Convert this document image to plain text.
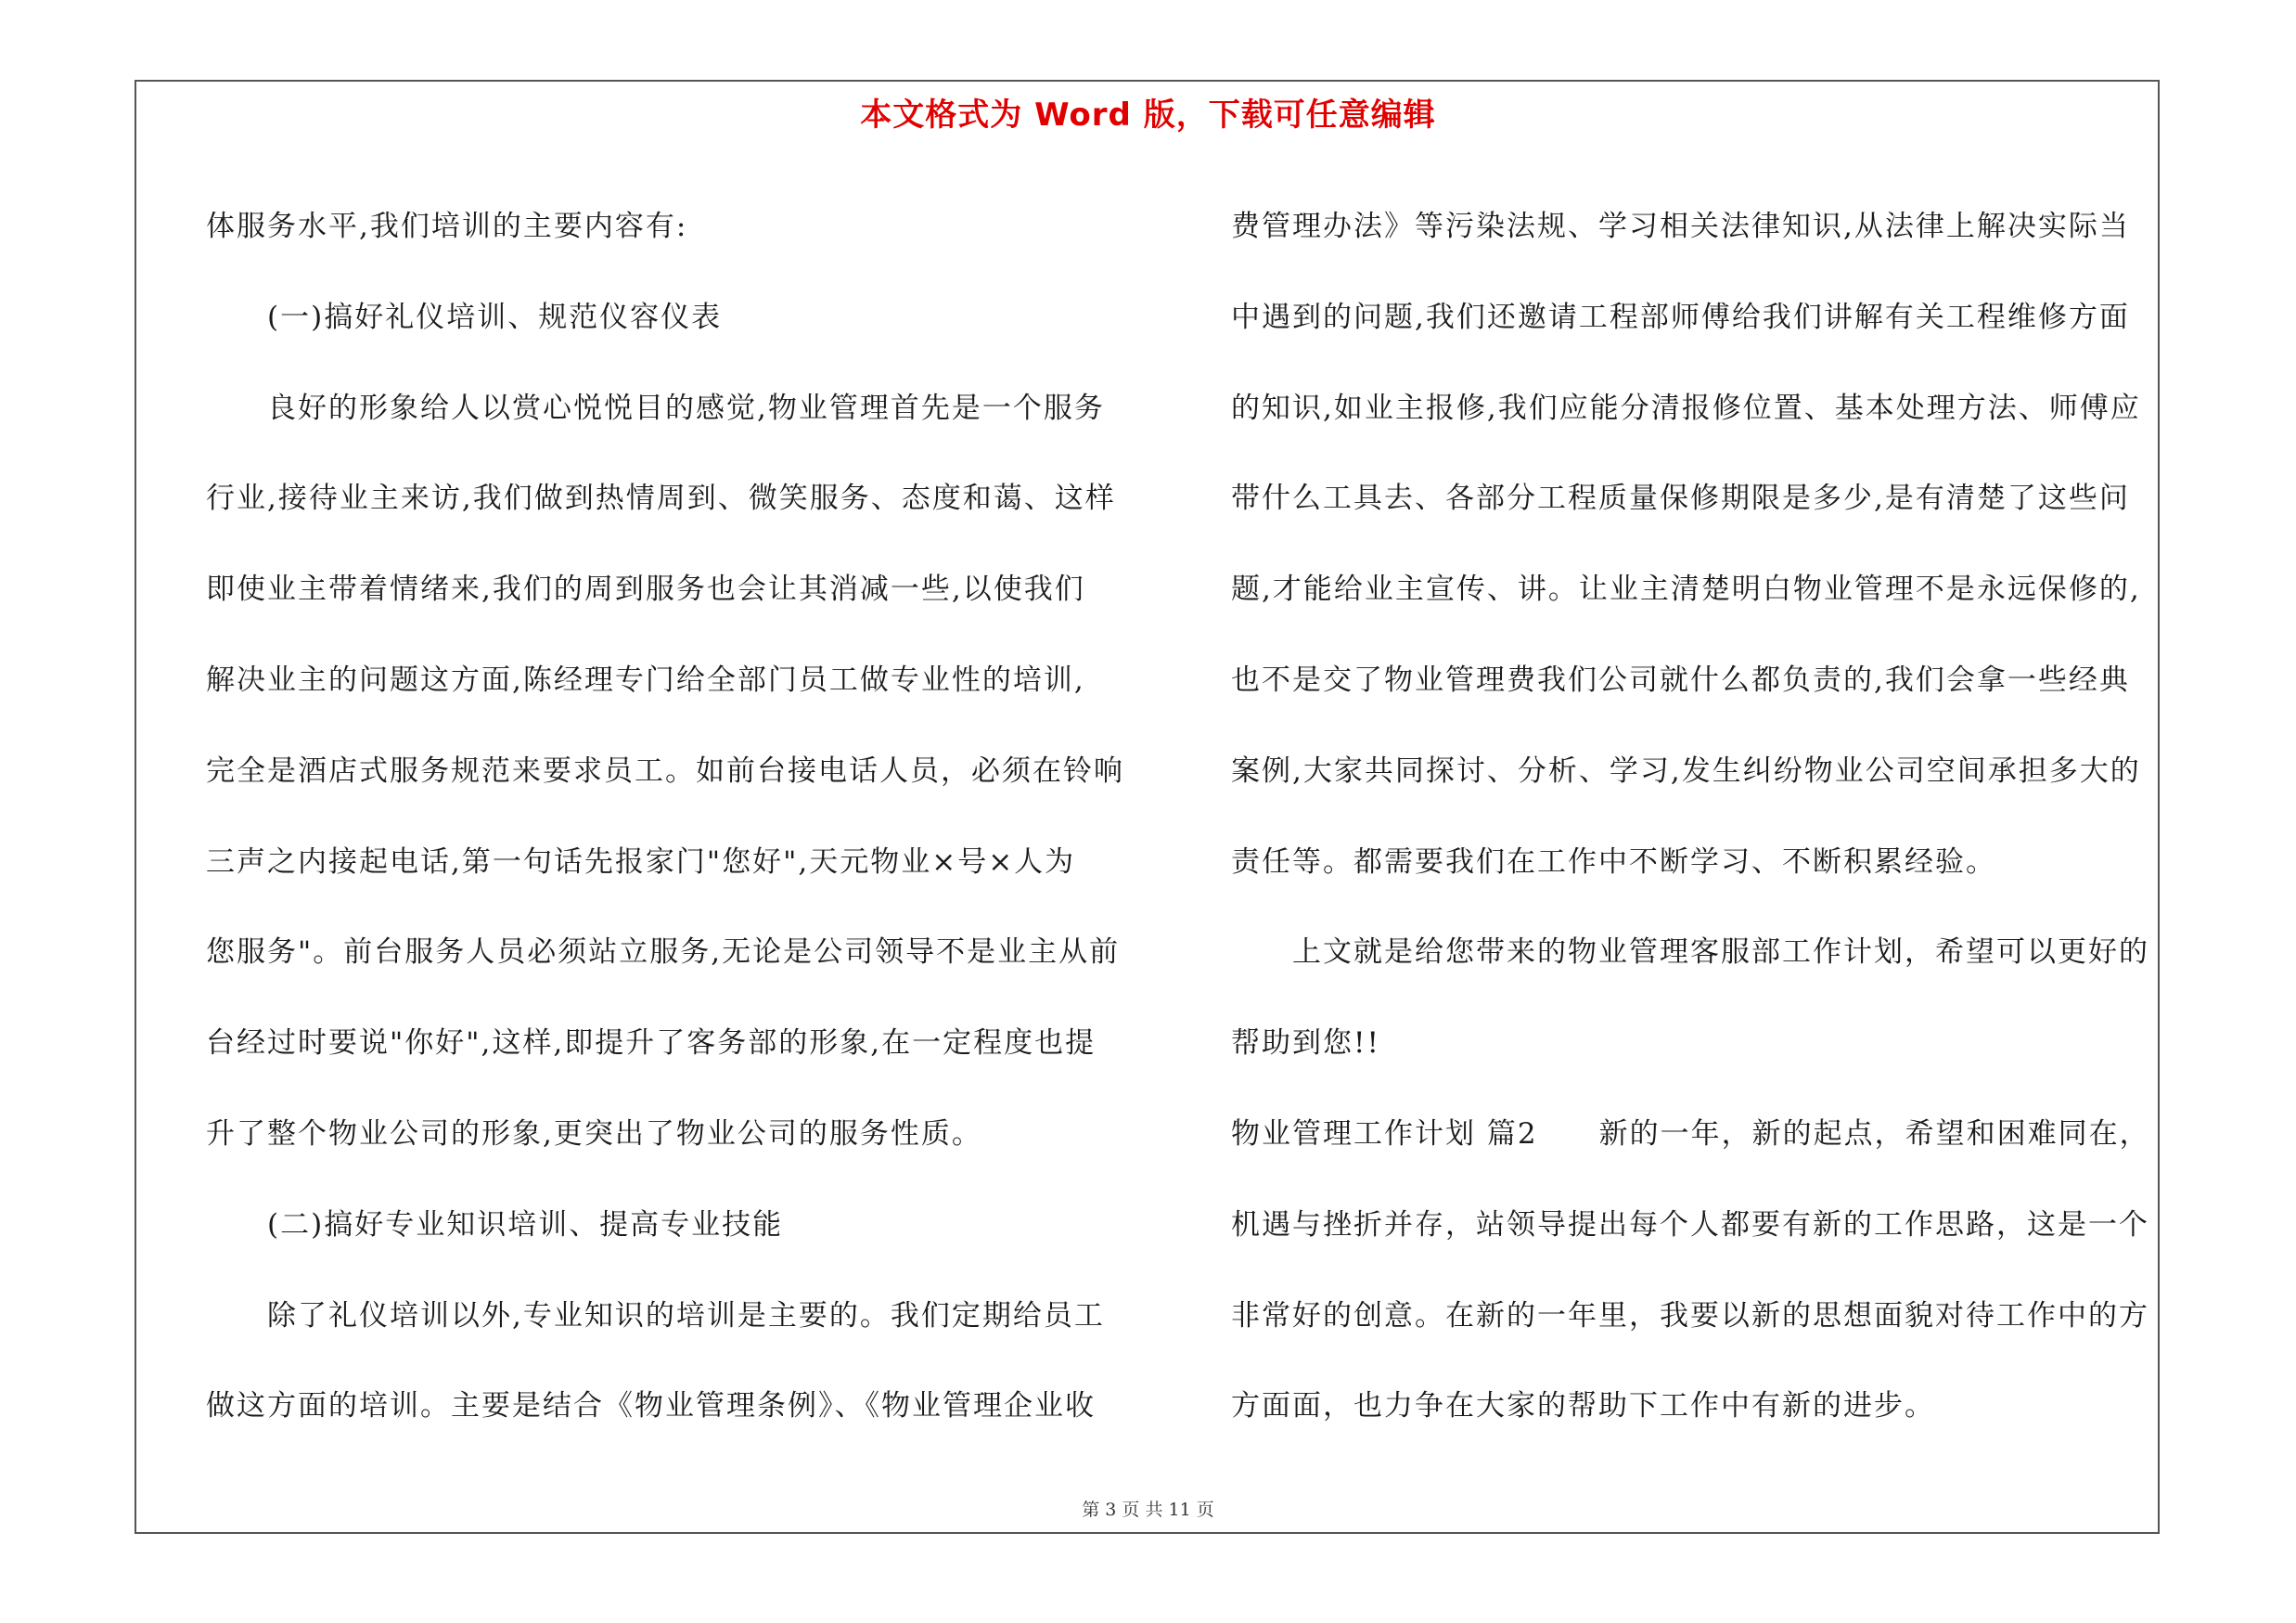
本文格式为 Word 版，下载可任意编辑
体服务水平,我们培训的主要内容有:
(一)搞好礼仪培训、规范仪容仪表
良好的形象给人以赏心悦悦目的感觉,物业管理首先是一个服务
行业,接待业主来访,我们做到热情周到、微笑服务、态度和蔼、这样
即使业主带着情绪来,我们的周到服务也会让其消减一些,以使我们
解决业主的问题这方面,陈经理专门给全部门员工做专业性的培训,
完全是酒店式服务规范来要求员工。如前台接电话人员，必须在铃响
三声之内接起电话,第一句话先报家门"您好",天元物业×号×人为
您服务"。前台服务人员必须站立服务,无论是公司领导不是业主从前
台经过时要说"你好",这样,即提升了客务部的形象,在一定程度也提
升了整个物业公司的形象,更突出了物业公司的服务性质。
(二)搞好专业知识培训、提高专业技能
除了礼仪培训以外,专业知识的培训是主要的。我们定期给员工
做这方面的培训。主要是结合《物业管理条例》、《物业管理企业收
费管理办法》等污染法规、学习相关法律知识,从法律上解决实际当
中遇到的问题,我们还邀请工程部师傅给我们讲解有关工程维修方面
的知识,如业主报修,我们应能分清报修位置、基本处理方法、师傅应
带什么工具去、各部分工程质量保修期限是多少,是有清楚了这些问
题,才能给业主宣传、讲。让业主清楚明白物业管理不是永远保修的,
也不是交了物业管理费我们公司就什么都负责的,我们会拿一些经典
案例,大家共同探讨、分析、学习,发生纠纷物业公司空间承担多大的
责任等。都需要我们在工作中不断学习、不断积累经验。
上文就是给您带来的物业管理客服部工作计划，希望可以更好的
帮助到您!!
物业管理工作计划 篇2　　新的一年，新的起点，希望和困难同在，
机遇与挫折并存，站领导提出每个人都要有新的工作思路，这是一个
非常好的创意。在新的一年里，我要以新的思想面貌对待工作中的方
方面面，也力争在大家的帮助下工作中有新的进步。
第 3 页 共 11 页
